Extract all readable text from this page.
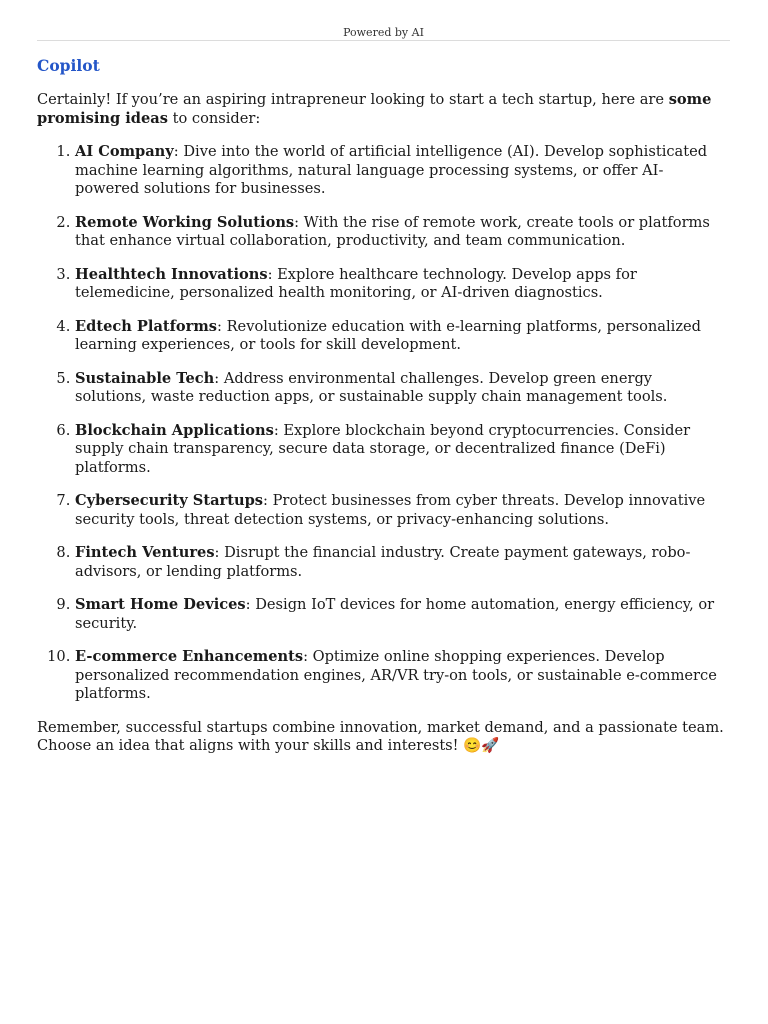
Powered by AI
Copilot

Certainly! If you’re an aspiring intrapreneur looking to start a tech startup, here are some promising ideas to consider:

1. AI Company: Dive into the world of artificial intelligence (AI). Develop sophisticated machine learning algorithms, natural language processing systems, or offer AI-powered solutions for businesses.
2. Remote Working Solutions: With the rise of remote work, create tools or platforms that enhance virtual collaboration, productivity, and team communication.
3. Healthtech Innovations: Explore healthcare technology. Develop apps for telemedicine, personalized health monitoring, or AI-driven diagnostics.
4. Edtech Platforms: Revolutionize education with e-learning platforms, personalized learning experiences, or tools for skill development.
5. Sustainable Tech: Address environmental challenges. Develop green energy solutions, waste reduction apps, or sustainable supply chain management tools.
6. Blockchain Applications: Explore blockchain beyond cryptocurrencies. Consider supply chain transparency, secure data storage, or decentralized finance (DeFi) platforms.
7. Cybersecurity Startups: Protect businesses from cyber threats. Develop innovative security tools, threat detection systems, or privacy-enhancing solutions.
8. Fintech Ventures: Disrupt the financial industry. Create payment gateways, robo-advisors, or lending platforms.
9. Smart Home Devices: Design IoT devices for home automation, energy efficiency, or security.
10. E-commerce Enhancements: Optimize online shopping experiences. Develop personalized recommendation engines, AR/VR try-on tools, or sustainable e-commerce platforms.

Remember, successful startups combine innovation, market demand, and a passionate team. Choose an idea that aligns with your skills and interests! 😊🚀
